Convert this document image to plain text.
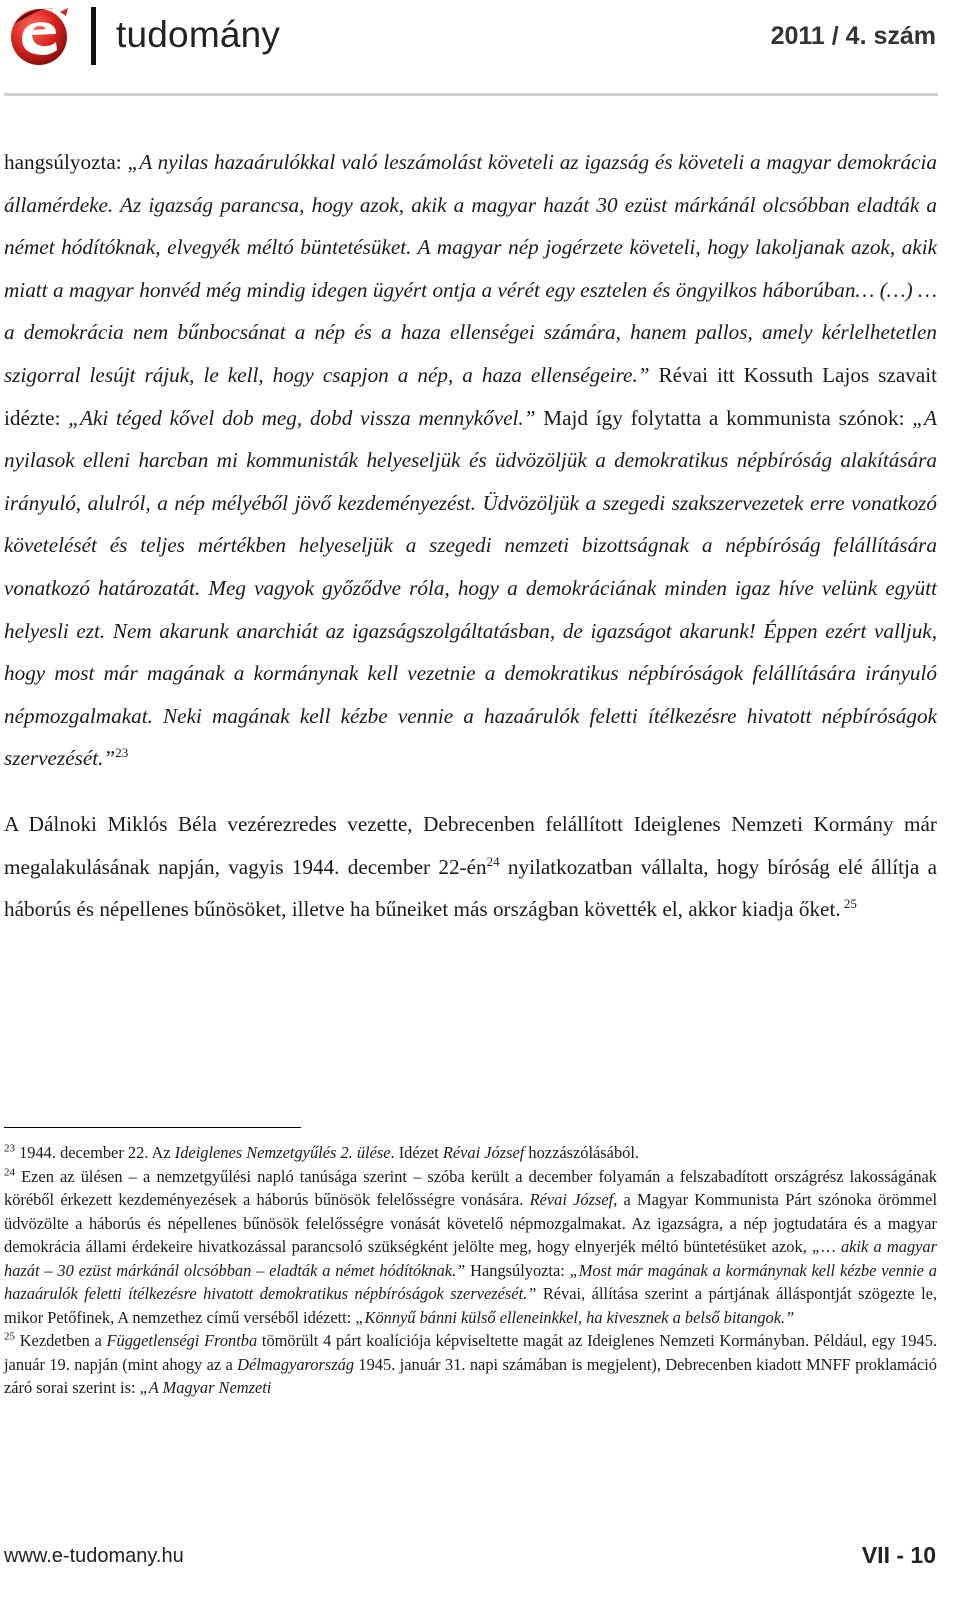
tudomány	2011 / 4. szám

hangsúlyozta: „A nyilas hazaárulókkal való leszámolást követeli az igazság és követeli a magyar demokrácia államérdeke. Az igazság parancsa, hogy azok, akik a magyar hazát 30 ezüst márkánál olcsóbban eladták a német hódítóknak, elvegyék méltó büntetésüket. A magyar nép jogérzete követeli, hogy lakoljanak azok, akik miatt a magyar honvéd még mindig idegen ügyért ontja a vérét egy esztelen és öngyilkos háborúban… (…) …a demokrácia nem bűnbocsánat a nép és a haza ellenségei számára, hanem pallos, amely kérlelhetetlen szigorral lesújt rájuk, le kell, hogy csapjon a nép, a haza ellenségeire.” Révai itt Kossuth Lajos szavait idézte: „Aki téged kővel dob meg, dobd vissza mennykővel.” Majd így folytatta a kommunista szónok: „A nyilasok elleni harcban mi kommunisták helyeseljük és üdvözöljük a demokratikus népbíróság alakítására irányuló, alulról, a nép mélyéből jövő kezdeményezést. Üdvözöljük a szegedi szakszervezetek erre vonatkozó követelését és teljes mértékben helyeseljük a szegedi nemzeti bizottságnak a népbíróság felállítására vonatkozó határozatát. Meg vagyok győződve róla, hogy a demokráciának minden igaz híve velünk együtt helyesli ezt. Nem akarunk anarchiát az igazságszolgáltatásban, de igazságot akarunk! Éppen ezért valljuk, hogy most már magának a kormánynak kell vezetnie a demokratikus népbíróságok felállítására irányuló népmozgalmakat. Neki magának kell kézbe vennie a hazaárulók feletti ítélkezésre hivatott népbíróságok szervezését.”$^{23}$

A Dálnoki Miklós Béla vezérezredes vezette, Debrecenben felállított Ideiglenes Nemzeti Kormány már megalakulásának napján, vagyis 1944. december $22-én^{24}$ nyilatkozatban vállalta, hogy bíróság elé állítja a háborús és népellenes bűnösöket, illetve ha bűneiket más országban követték el, akkor kiadja őket. $^{25}$

$^{23}$ 1944. december 22. Az Ideiglenes Nemzetgyűlés 2. ülése. Idézet Révai József hozzászólásából.

$^{24}$ Ezen az ülésen – a nemzetgyűlési napló tanúsága szerint – szóba került a december folyamán a felszabadított országrész lakosságának köréből érkezett kezdeményezések a háborús bűnösök felelősségre vonására. Révai József, a Magyar Kommunista Párt szónoka örömmel üdvözölte a háborús és népellenes bűnösök felelősségre vonását követelő népmozgalmakat. Az igazságra, a nép jogtudatára és a magyar demokrácia állami érdekeire hivatkozással parancsoló szükségként jelölte meg, hogy elnyerjék méltó büntetésüket azok, „… akik a magyar hazát – 30 ezüst márkánál olcsóbban – eladták a német hódítóknak.” Hangsúlyozta: „Most már magának a kormánynak kell kézbe vennie a hazaárulók feletti ítélkezésre hivatott demokratikus népbíróságok szervezését.” Révai, állítása szerint a pártjának álláspontját szögezte le, mikor Petőfinek, A nemzethez című verséből idézett: „Könnyű bánni külső elleneinkkel, ha kivesznek a belső bitangok.”

$^{25}$ Kezdetben a Függetlenségi Frontba tömörült 4 párt koalíciója képviseltette magát az Ideiglenes Nemzeti Kormányban. Például, egy 1945. január 19. napján (mint ahogy az a Délmagyarország 1945. január 31. napi számában is megjelent), Debrecenben kiadott MNFF proklamáció záró sorai szerint is: „A Magyar Nemzeti

www.e-tudomany.hu	VII - 10
